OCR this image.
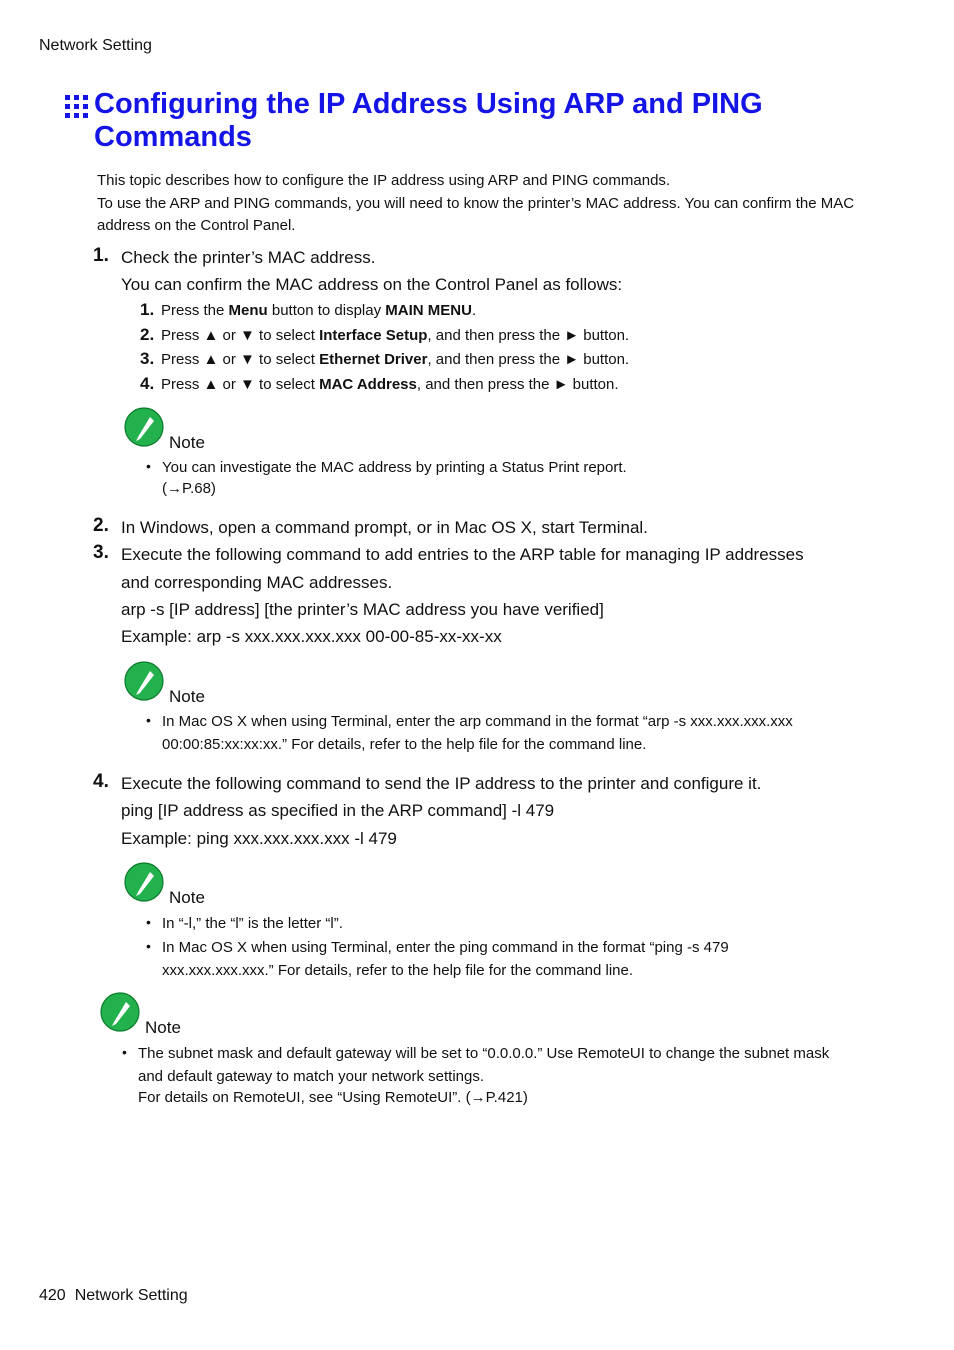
Network Setting
Configuring the IP Address Using ARP and PING Commands
This topic describes how to configure the IP address using ARP and PING commands.
To use the ARP and PING commands, you will need to know the printer’s MAC address. You can confirm the MAC address on the Control Panel.
1. Check the printer’s MAC address.
You can confirm the MAC address on the Control Panel as follows:
1. Press the Menu button to display MAIN MENU.
2. Press ▲ or ▼ to select Interface Setup, and then press the ► button.
3. Press ▲ or ▼ to select Ethernet Driver, and then press the ► button.
4. Press ▲ or ▼ to select MAC Address, and then press the ► button.
Note
• You can investigate the MAC address by printing a Status Print report.
(→P.68)
2. In Windows, open a command prompt, or in Mac OS X, start Terminal.
3. Execute the following command to add entries to the ARP table for managing IP addresses
and corresponding MAC addresses.
arp -s [IP address] [the printer’s MAC address you have verified]
Example: arp -s xxx.xxx.xxx.xxx 00-00-85-xx-xx-xx
Note
• In Mac OS X when using Terminal, enter the arp command in the format “arp -s xxx.xxx.xxx.xxx
00:00:85:xx:xx:xx.” For details, refer to the help file for the command line.
4. Execute the following command to send the IP address to the printer and configure it.
ping [IP address as specified in the ARP command] -l 479
Example: ping xxx.xxx.xxx.xxx -l 479
Note
• In “-l,” the “l” is the letter “l”.
• In Mac OS X when using Terminal, enter the ping command in the format “ping -s 479
xxx.xxx.xxx.xxx.” For details, refer to the help file for the command line.
Note
• The subnet mask and default gateway will be set to “0.0.0.0.” Use RemoteUI to change the subnet mask
and default gateway to match your network settings.
For details on RemoteUI, see “Using RemoteUI”. (→P.421)
420 Network Setting
